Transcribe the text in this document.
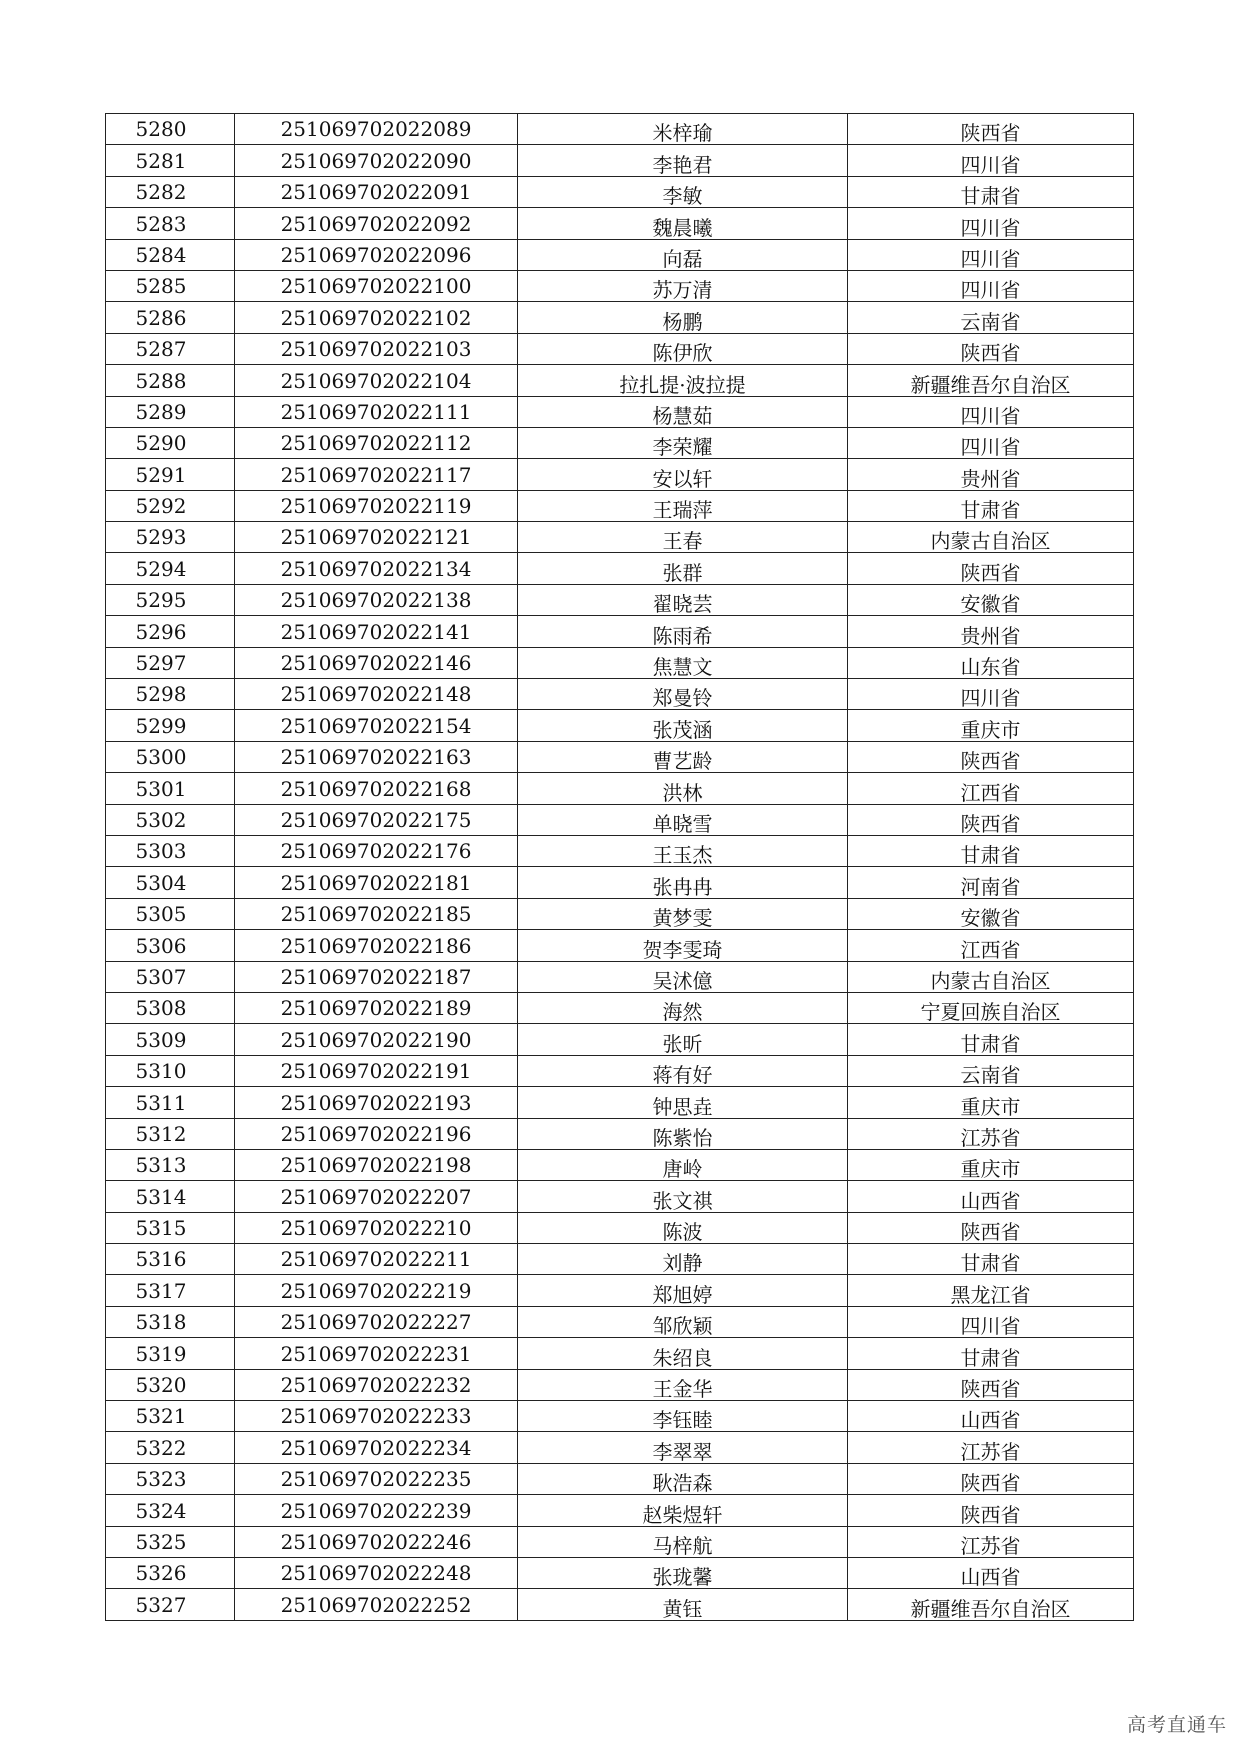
5280	251069702022089	米梓瑜	陕西省
5281	251069702022090	李艳君	四川省
5282	251069702022091	李敏	甘肃省
5283	251069702022092	魏晨曦	四川省
5284	251069702022096	向磊	四川省
5285	251069702022100	苏万清	四川省
5286	251069702022102	杨鹏	云南省
5287	251069702022103	陈伊欣	陕西省
5288	251069702022104	拉扎提·波拉提	新疆维吾尔自治区
5289	251069702022111	杨慧茹	四川省
5290	251069702022112	李荣耀	四川省
5291	251069702022117	安以轩	贵州省
5292	251069702022119	王瑞萍	甘肃省
5293	251069702022121	王春	内蒙古自治区
5294	251069702022134	张群	陕西省
5295	251069702022138	翟晓芸	安徽省
5296	251069702022141	陈雨希	贵州省
5297	251069702022146	焦慧文	山东省
5298	251069702022148	郑曼铃	四川省
5299	251069702022154	张茂涵	重庆市
5300	251069702022163	曹艺龄	陕西省
5301	251069702022168	洪林	江西省
5302	251069702022175	单晓雪	陕西省
5303	251069702022176	王玉杰	甘肃省
5304	251069702022181	张冉冉	河南省
5305	251069702022185	黄梦雯	安徽省
5306	251069702022186	贺李雯琦	江西省
5307	251069702022187	吴沭億	内蒙古自治区
5308	251069702022189	海然	宁夏回族自治区
5309	251069702022190	张昕	甘肃省
5310	251069702022191	蒋有好	云南省
5311	251069702022193	钟思垚	重庆市
5312	251069702022196	陈紫怡	江苏省
5313	251069702022198	唐岭	重庆市
5314	251069702022207	张文祺	山西省
5315	251069702022210	陈波	陕西省
5316	251069702022211	刘静	甘肃省
5317	251069702022219	郑旭婷	黑龙江省
5318	251069702022227	邹欣颖	四川省
5319	251069702022231	朱绍良	甘肃省
5320	251069702022232	王金华	陕西省
5321	251069702022233	李钰睦	山西省
5322	251069702022234	李翠翠	江苏省
5323	251069702022235	耿浩森	陕西省
5324	251069702022239	赵柴煜轩	陕西省
5325	251069702022246	马梓航	江苏省
5326	251069702022248	张珑馨	山西省
5327	251069702022252	黄钰	新疆维吾尔自治区
高考直通车
